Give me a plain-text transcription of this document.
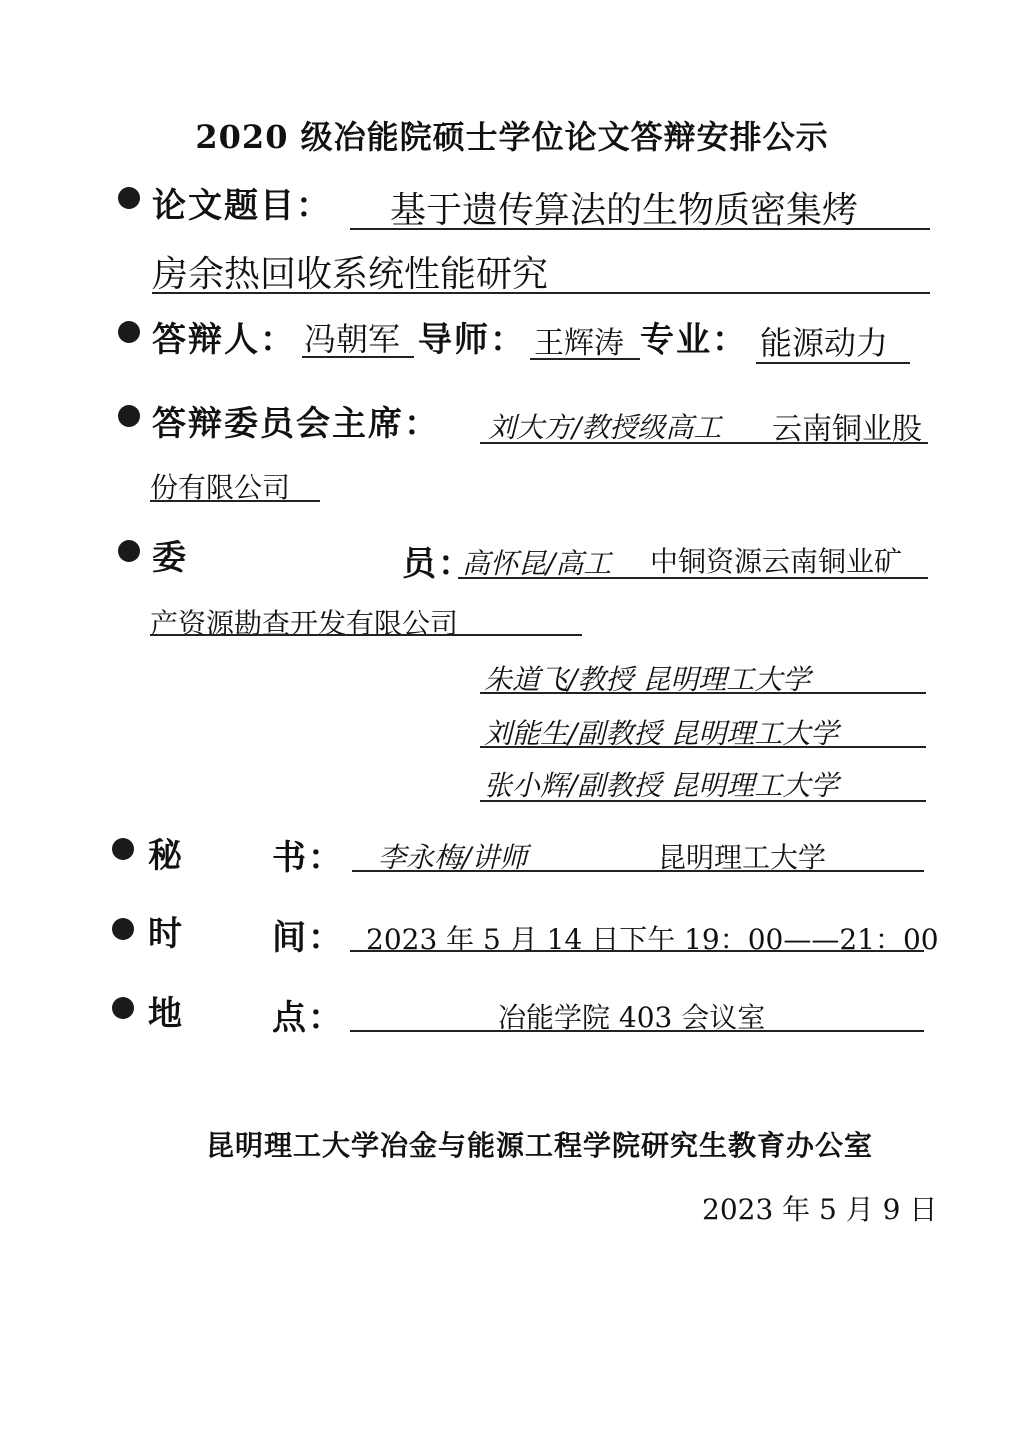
2020 级冶能院硕士学位论文答辩安排公示
论文题目： 基于遗传算法的生物质密集烤
房余热回收系统性能研究
答辩人： 冯朝军 导师： 王辉涛 专业： 能源动力
答辩委员会主席： 刘大方/教授级高工 云南铜业股
份有限公司
委	员：
高怀昆/高工 中铜资源云南铜业矿
产资源勘查开发有限公司
朱道飞/教授 昆明理工大学
刘能生/副教授 昆明理工大学
张小辉/副教授 昆明理工大学
秘	书： 李永梅/讲师	昆明理工大学
时	间： 2023 年 5 月 14 日下午 19：00——21：00
地	点：	冶能学院 403 会议室
昆明理工大学冶金与能源工程学院研究生教育办公室
2023 年 5 月 9 日
